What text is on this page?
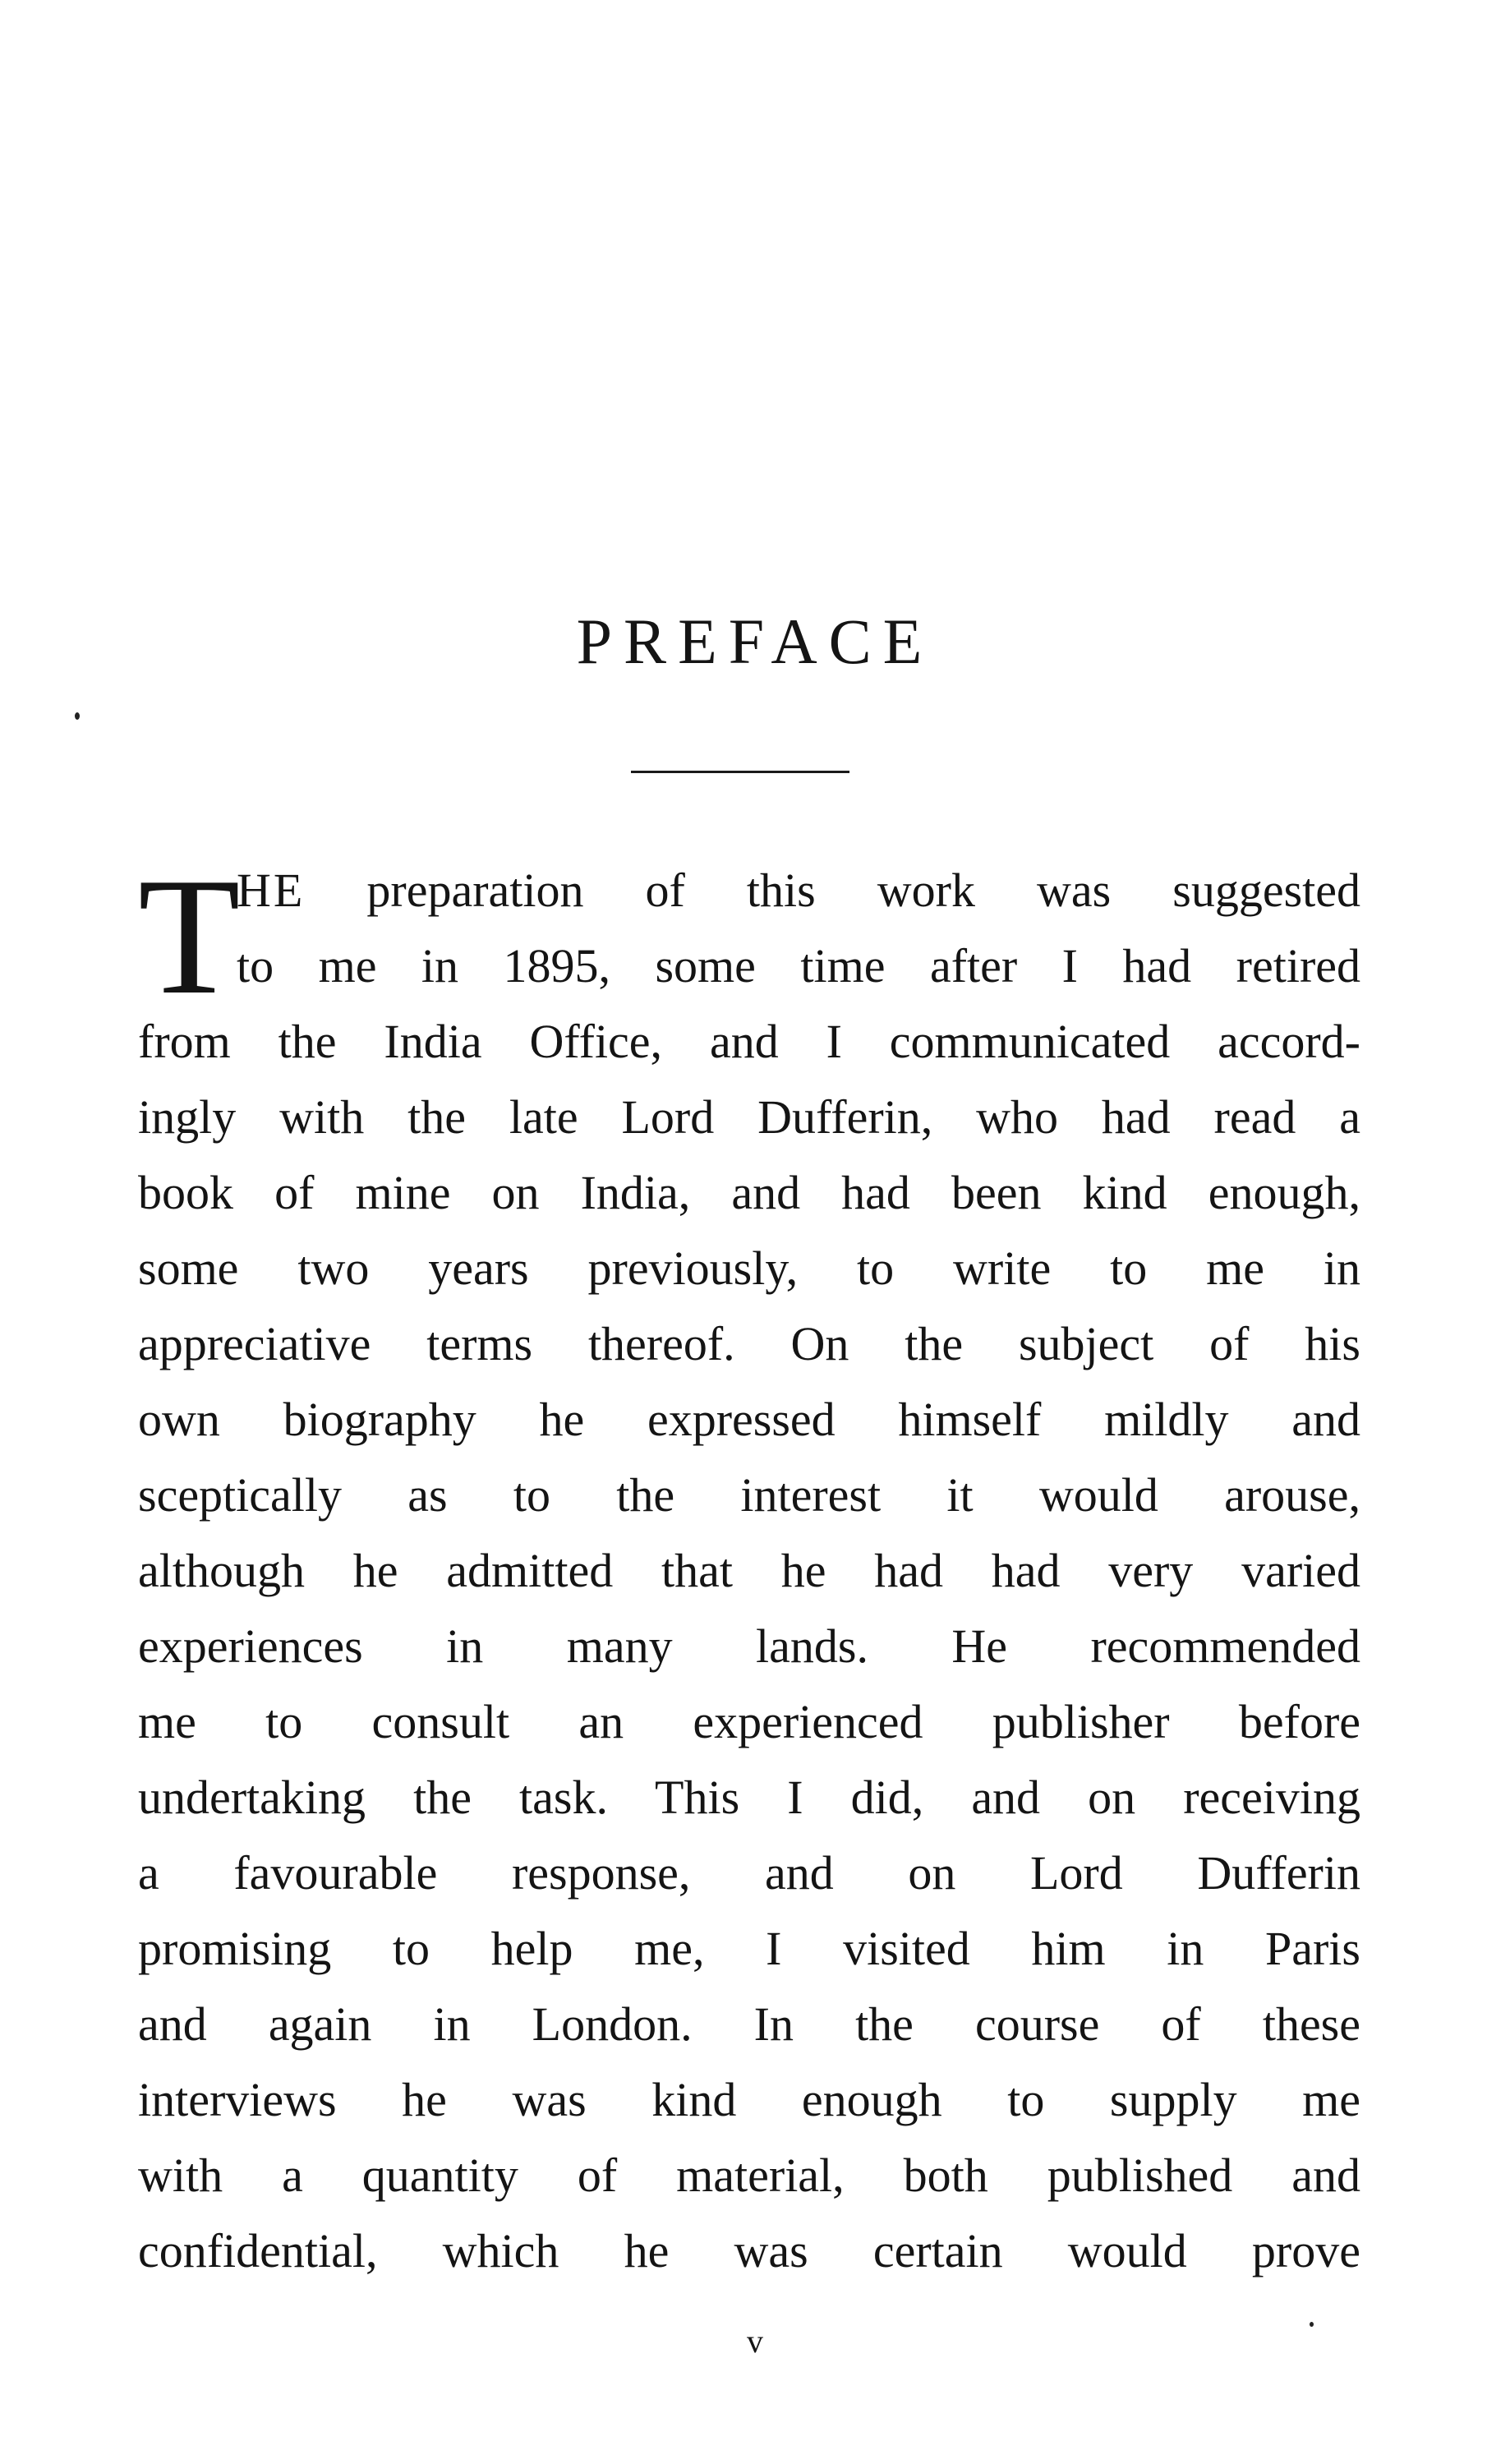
PREFACE
T
HE preparation of this work was suggested
to me in 1895, some time after I had retired
from the India Office, and I communicated accord-
ingly with the late Lord Dufferin, who had read a
book of mine on India, and had been kind enough,
some two years previously, to write to me in
appreciative terms thereof. On the subject of his
own biography he expressed himself mildly and
sceptically as to the interest it would arouse,
although he admitted that he had had very varied
experiences in many lands. He recommended
me to consult an experienced publisher before
undertaking the task. This I did, and on receiving
a favourable response, and on Lord Dufferin
promising to help me, I visited him in Paris
and again in London. In the course of these
interviews he was kind enough to supply me
with a quantity of material, both published and
confidential, which he was certain would prove
v
